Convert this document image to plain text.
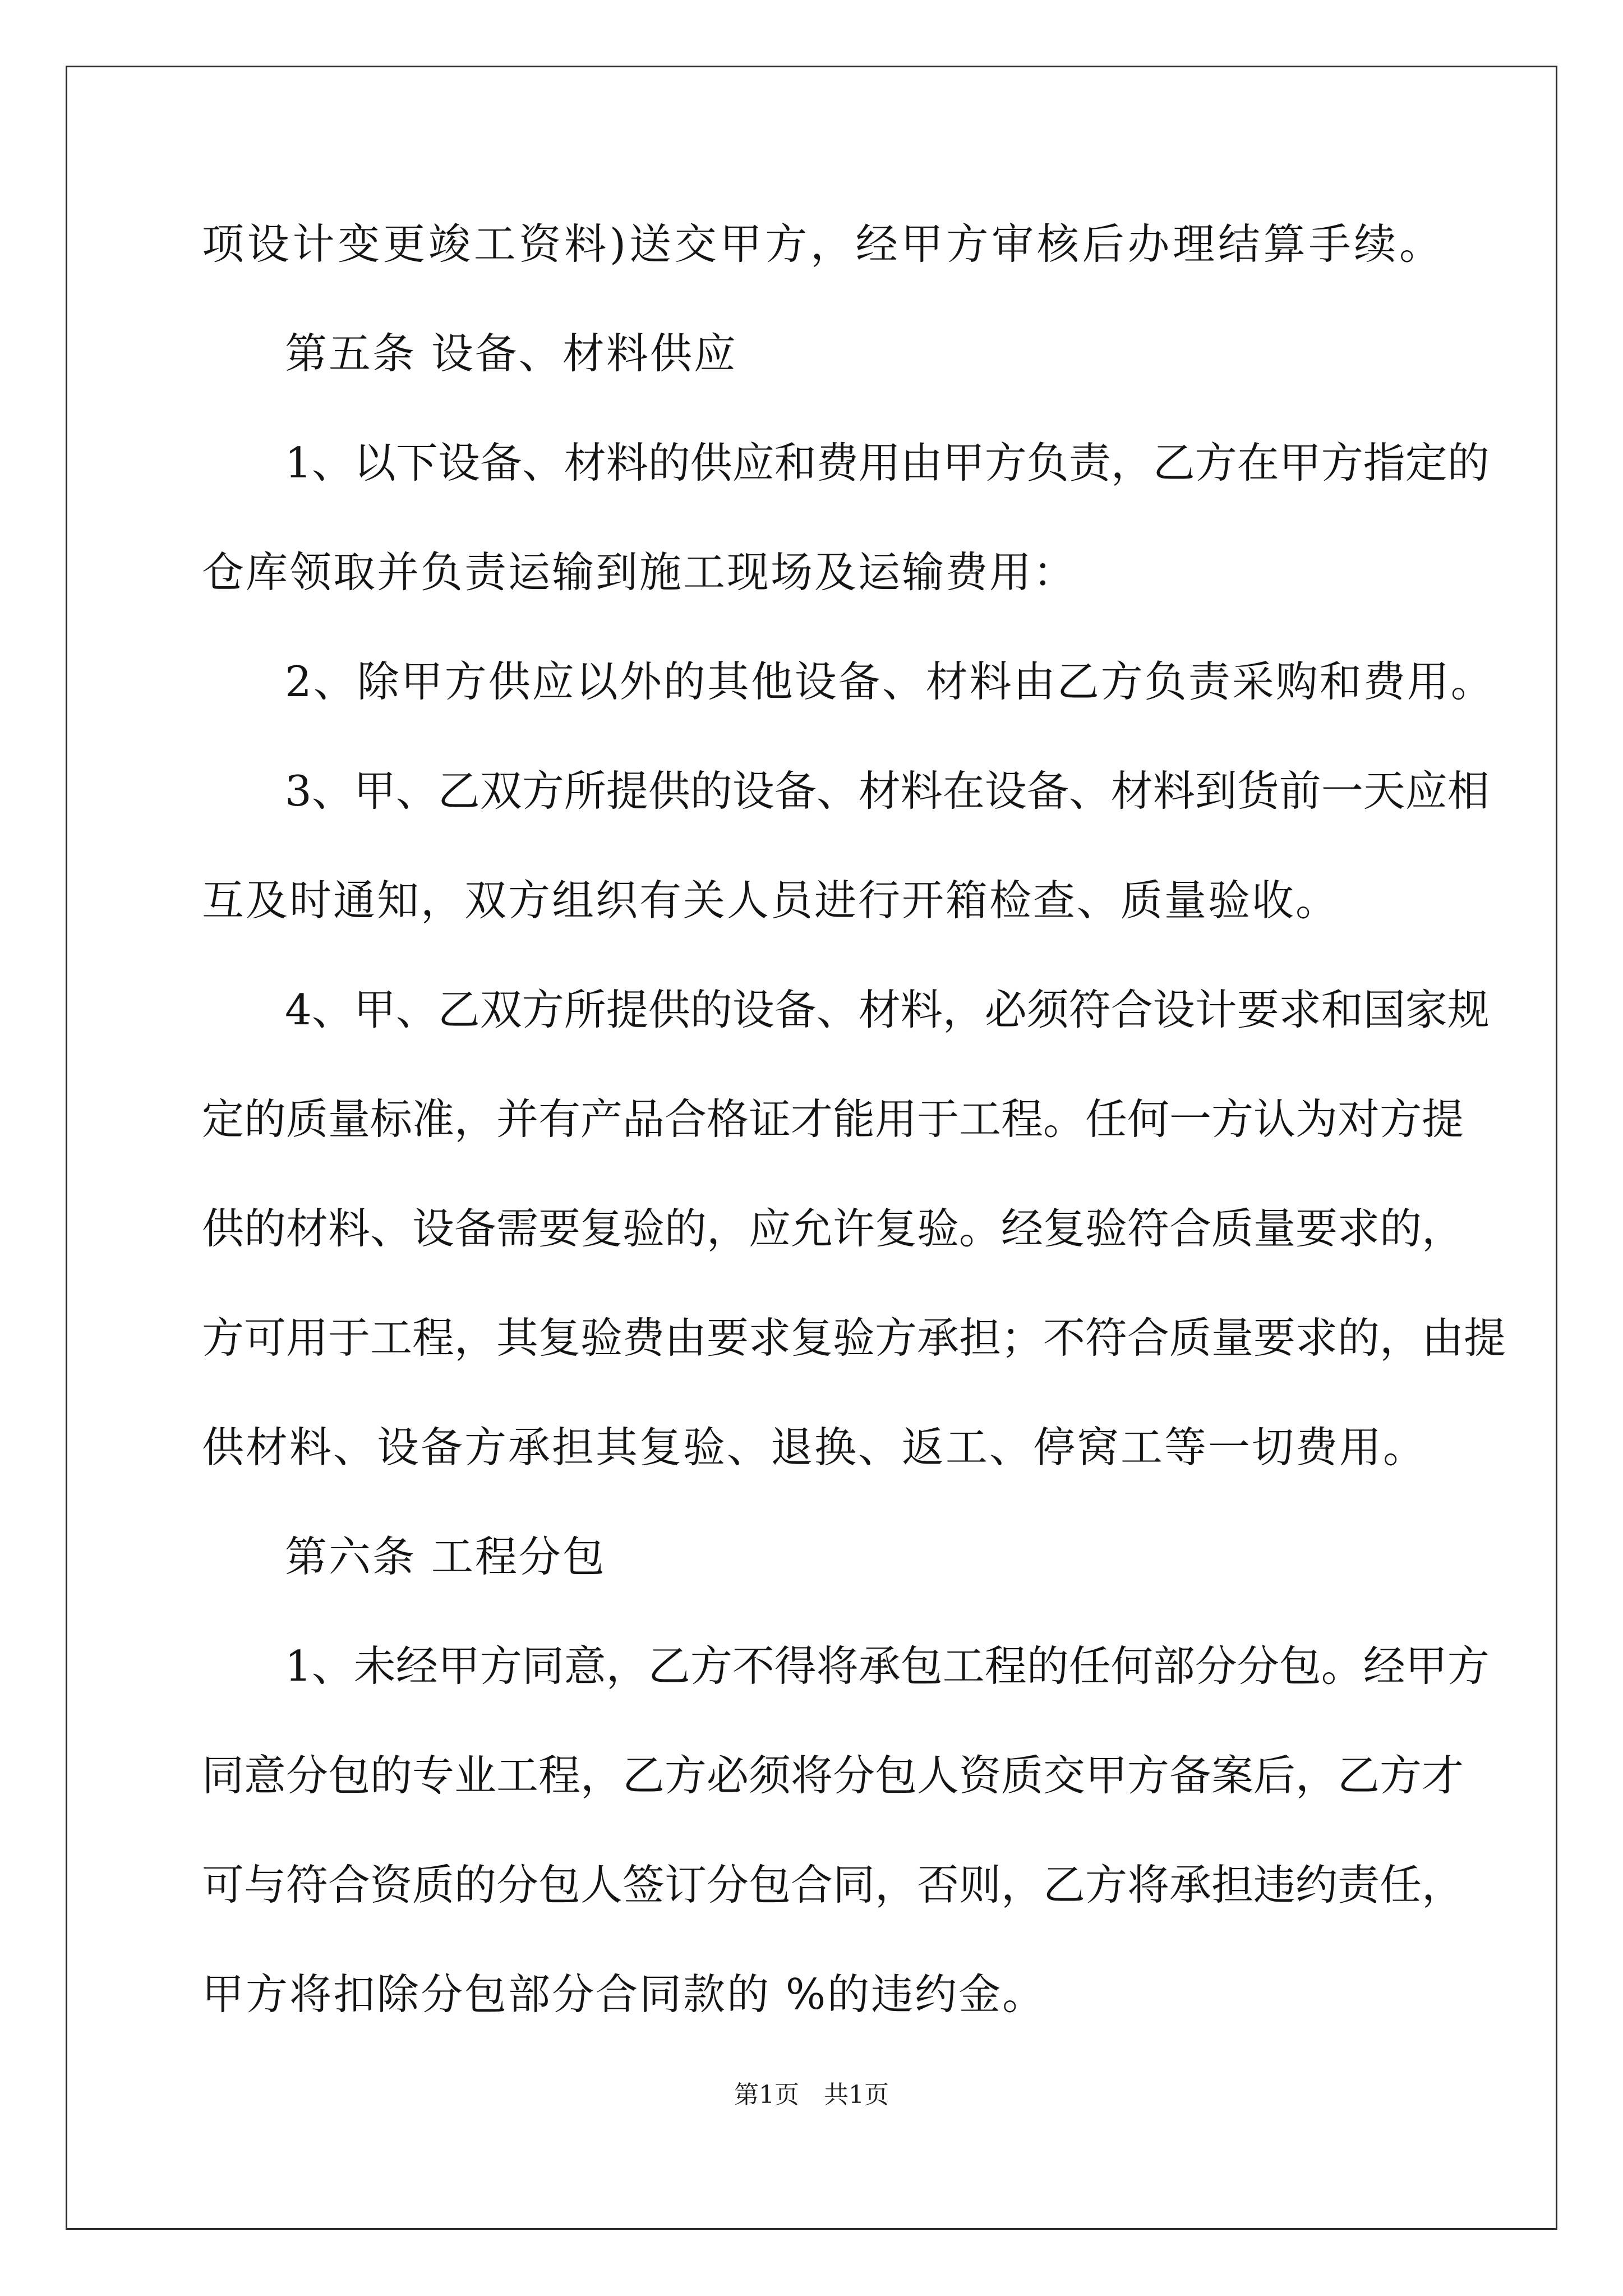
项设计变更竣工资料)送交甲方，经甲方审核后办理结算手续。
第五条 设备、材料供应
1、以下设备、材料的供应和费用由甲方负责，乙方在甲方指定的
仓库领取并负责运输到施工现场及运输费用：
2、除甲方供应以外的其他设备、材料由乙方负责采购和费用。
3、甲、乙双方所提供的设备、材料在设备、材料到货前一天应相
互及时通知，双方组织有关人员进行开箱检查、质量验收。
4、甲、乙双方所提供的设备、材料，必须符合设计要求和国家规
定的质量标准，并有产品合格证才能用于工程。任何一方认为对方提
供的材料、设备需要复验的，应允许复验。经复验符合质量要求的，
方可用于工程，其复验费由要求复验方承担；不符合质量要求的，由提
供材料、设备方承担其复验、退换、返工、停窝工等一切费用。
第六条 工程分包
1、未经甲方同意，乙方不得将承包工程的任何部分分包。经甲方
同意分包的专业工程，乙方必须将分包人资质交甲方备案后，乙方才
可与符合资质的分包人签订分包合同，否则，乙方将承担违约责任，
甲方将扣除分包部分合同款的 %的违约金。
第1页　共1页
